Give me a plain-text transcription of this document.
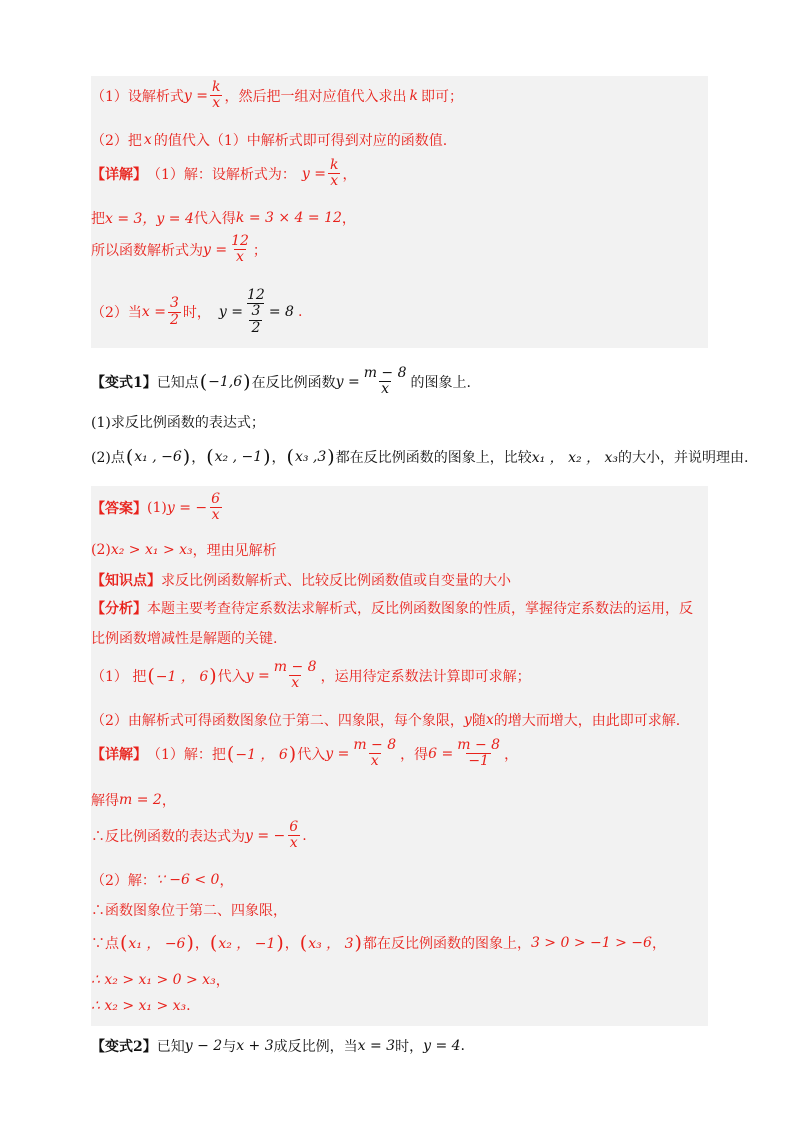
（1）设解析式 $y = \frac{k}{x}$ ，然后把一组对应值代入求出 k 即可；
（2）把 x 的值代入（1）中解析式即可得到对应的函数值.
【详解】 （1）解：设解析式为： $y = \frac{k}{x}$ ，
把 x = 3，y = 4 代入得 k = 3 × 4 = 12 ，
所以函数解析式为 $y = \frac{12}{x}$ ；
（2）当 $x = \frac{3}{2}$ 时， $y = \frac{12}{\frac{3}{2}} = 8$ .
【变式1】 已知点 ( −1,6 ) 在反比例函数 $y = \frac{m - 8}{x}$ 的图象上.
(1)求反比例函数的表达式；
(2)点 ( x₁ , −6 ) ， ( x₂ , −1 ) ， ( x₃ ,3 ) 都在反比例函数的图象上，比较 x₁ ， x₂ ， x₃ 的大小，并说明理由.
【答案】 (1) y = − $\frac{6}{x}$
(2) x₂ > x₁ > x₃ ，理由见解析
【知识点】 求反比例函数解析式、比较反比例函数值或自变量的大小
【分析】 本题主要考查待定系数法求解析式，反比例函数图象的性质，掌握待定系数法的运用，反
比例函数增减性是解题的关键.
（1） 把 ( −1 ， 6 ) 代入 $y = \frac{m - 8}{x}$ ，运用待定系数法计算即可求解；
（2）由解析式可得函数图象位于第二、四象限，每个象限， y 随 x 的增大而增大，由此即可求解.
【详解】 （1）解：把 ( −1 ， 6 ) 代入 $y = \frac{m - 8}{x}$ ，得 $6 = \frac{m - 8}{-1}$ ，
解得 m = 2 ，
∴反比例函数的表达式为 y = − $\frac{6}{x}$ .
（2）解： ∵ −6 < 0 ，
∴函数图象位于第二、四象限，
∵点 ( x₁ ， −6 ) ， ( x₂ ， −1 ) ， ( x₃ ， 3 ) 都在反比例函数的图象上， 3 > 0 > −1 > −6 ，
∴ x₂ > x₁ > 0 > x₃ ，
∴ x₂ > x₁ > x₃ .
【变式2】 已知 y − 2 与 x + 3 成反比例，当 x = 3 时， y = 4 .
